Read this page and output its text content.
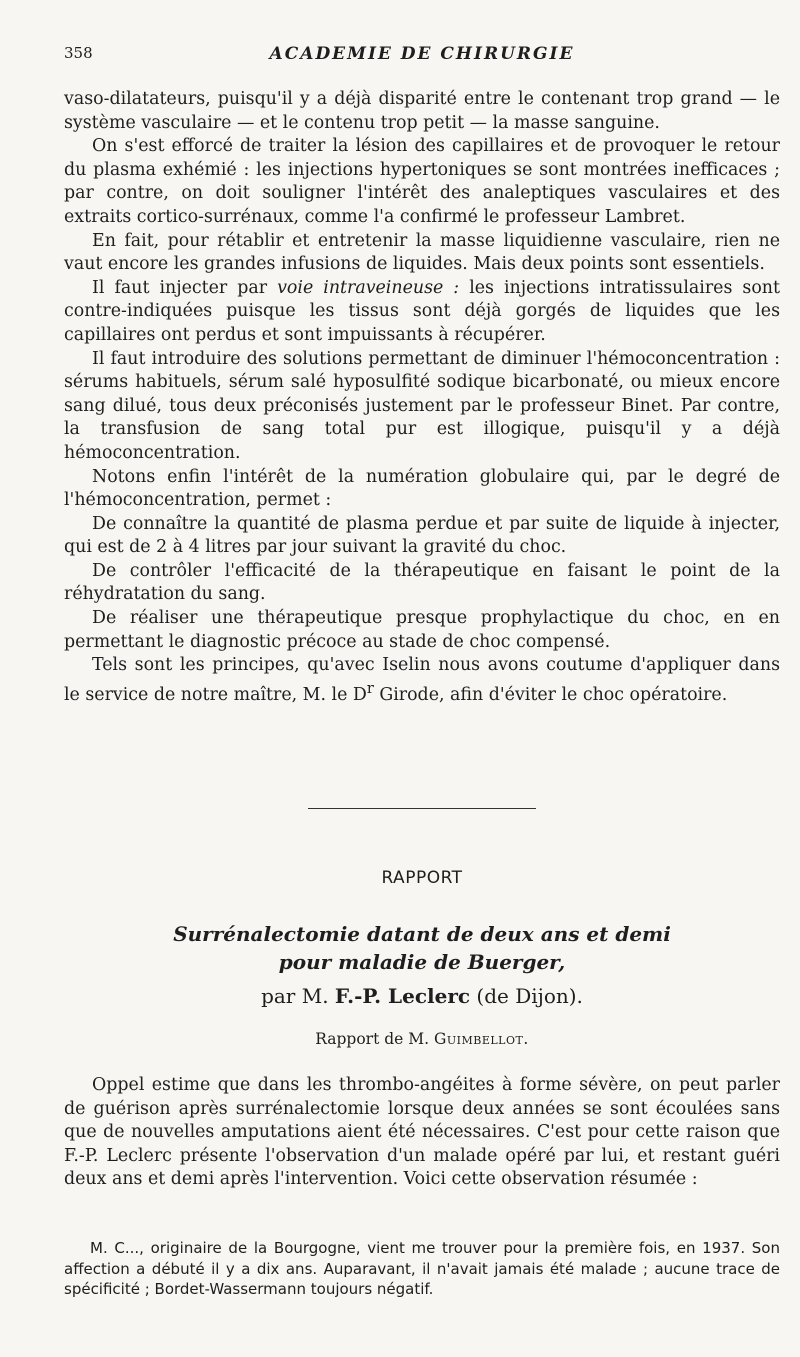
358	ACADEMIE DE CHIRURGIE

vaso-dilatateurs, puisqu'il y a déjà disparité entre le contenant trop grand — le système vasculaire — et le contenu trop petit — la masse sanguine.

On s'est efforcé de traiter la lésion des capillaires et de provoquer le retour du plasma exhémié : les injections hypertoniques se sont montrées inefficaces ; par contre, on doit souligner l'intérêt des analeptiques vasculaires et des extraits cortico-surrénaux, comme l'a confirmé le professeur Lambret.

En fait, pour rétablir et entretenir la masse liquidienne vasculaire, rien ne vaut encore les grandes infusions de liquides. Mais deux points sont essentiels.

Il faut injecter par voie intraveineuse : les injections intratissulaires sont contre-indiquées puisque les tissus sont déjà gorgés de liquides que les capillaires ont perdus et sont impuissants à récupérer.

Il faut introduire des solutions permettant de diminuer l'hémoconcentration : sérums habituels, sérum salé hyposulfité sodique bicarbonaté, ou mieux encore sang dilué, tous deux préconisés justement par le professeur Binet. Par contre, la transfusion de sang total pur est illogique, puisqu'il y a déjà hémoconcentration.

Notons enfin l'intérêt de la numération globulaire qui, par le degré de l'hémoconcentration, permet :

De connaître la quantité de plasma perdue et par suite de liquide à injecter, qui est de 2 à 4 litres par jour suivant la gravité du choc.

De contrôler l'efficacité de la thérapeutique en faisant le point de la réhydratation du sang.

De réaliser une thérapeutique presque prophylactique du choc, en en permettant le diagnostic précoce au stade de choc compensé.

Tels sont les principes, qu'avec Iselin nous avons coutume d'appliquer dans le service de notre maître, M. le $D^r$ Girode, afin d'éviter le choc opératoire.

RAPPORT
Surrénalectomie datant de deux ans et demi
pour maladie de Buerger,
par M. F.-P. Leclerc (de Dijon).
Rapport de M. Guimbellot.

Oppel estime que dans les thrombo-angéites à forme sévère, on peut parler de guérison après surrénalectomie lorsque deux années se sont écoulées sans que de nouvelles amputations aient été nécessaires. C'est pour cette raison que F.-P. Leclerc présente l'observation d'un malade opéré par lui, et restant guéri deux ans et demi après l'intervention. Voici cette observation résumée :

M. C..., originaire de la Bourgogne, vient me trouver pour la première fois, en 1937. Son affection a débuté il y a dix ans. Auparavant, il n'avait jamais été malade ; aucune trace de spécificité ; Bordet-Wassermann toujours négatif.
